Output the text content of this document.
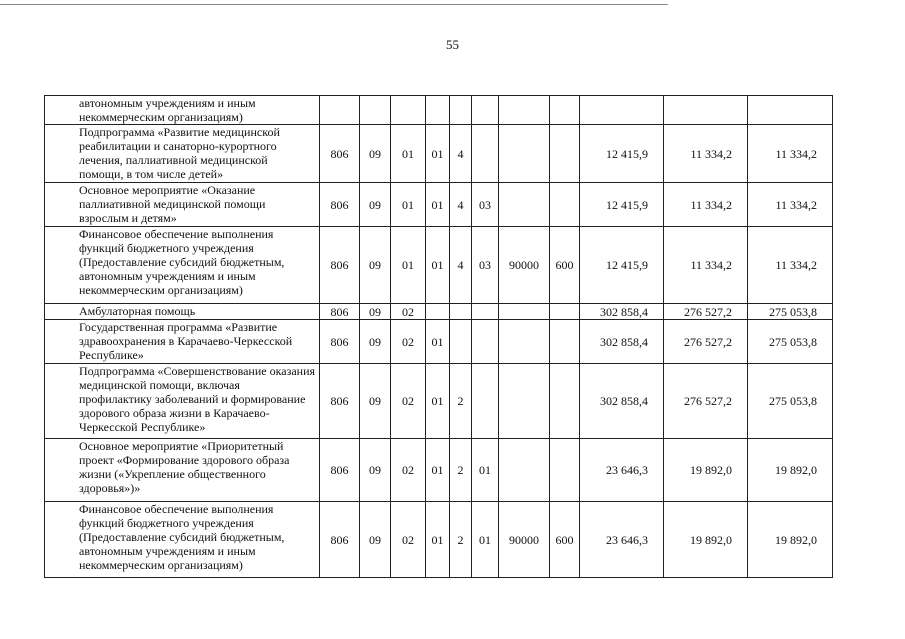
55
автономным учреждениям и иным некоммерческим организациям)											
Подпрограмма «Развитие медицинской реабилитации и санаторно-курортного лечения, паллиативной медицинской помощи, в том числе детей»	806	09	01	01	4				12 415,9	11 334,2	11 334,2
Основное мероприятие «Оказание паллиативной медицинской помощи взрослым и детям»	806	09	01	01	4	03			12 415,9	11 334,2	11 334,2
Финансовое обеспечение выполнения функций бюджетного учреждения (Предоставление субсидий бюджетным, автономным учреждениям и иным некоммерческим организациям)	806	09	01	01	4	03	90000	600	12 415,9	11 334,2	11 334,2
Амбулаторная помощь	806	09	02						302 858,4	276 527,2	275 053,8
Государственная программа «Развитие здравоохранения в Карачаево-Черкесской Республике»	806	09	02	01					302 858,4	276 527,2	275 053,8
Подпрограмма «Совершенствование оказания медицинской помощи, включая профилактику заболеваний и формирование здорового образа жизни в Карачаево-Черкесской Республике»	806	09	02	01	2				302 858,4	276 527,2	275 053,8
Основное мероприятие «Приоритетный проект «Формирование здорового образа жизни («Укрепление общественного здоровья»)»	806	09	02	01	2	01			23 646,3	19 892,0	19 892,0
Финансовое обеспечение выполнения функций бюджетного учреждения (Предоставление субсидий бюджетным, автономным учреждениям и иным некоммерческим организациям)	806	09	02	01	2	01	90000	600	23 646,3	19 892,0	19 892,0
